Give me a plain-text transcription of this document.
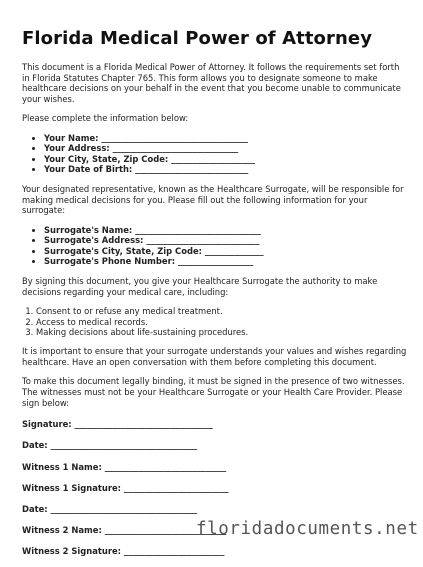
Florida Medical Power of Attorney

This document is a Florida Medical Power of Attorney. It follows the requirements set forth in Florida Statutes Chapter 765. This form allows you to designate someone to make healthcare decisions on your behalf in the event that you become unable to communicate your wishes.

Please complete the information below:

• Your Name: ___________________________________
• Your Address: ______________________________
• Your City, State, Zip Code: ____________________
• Your Date of Birth: ___________________________

Your designated representative, known as the Healthcare Surrogate, will be responsible for making medical decisions for you. Please fill out the following information for your surrogate:

• Surrogate's Name: ______________________________
• Surrogate's Address: ___________________________
• Surrogate's City, State, Zip Code: ______________
• Surrogate's Phone Number: __________________

By signing this document, you give your Healthcare Surrogate the authority to make decisions regarding your medical care, including:

1. Consent to or refuse any medical treatment.
2. Access to medical records.
3. Making decisions about life-sustaining procedures.

It is important to ensure that your surrogate understands your values and wishes regarding healthcare. Have an open conversation with them before completing this document.

To make this document legally binding, it must be signed in the presence of two witnesses. The witnesses must not be your Healthcare Surrogate or your Health Care Provider. Please sign below:

Signature: _________________________________
Date: ___________________________________
Witness 1 Name: _____________________________
Witness 1 Signature: _________________________
Date: ___________________________________
Witness 2 Name: _____________________________
Witness 2 Signature: ________________________
floridadocuments.net
